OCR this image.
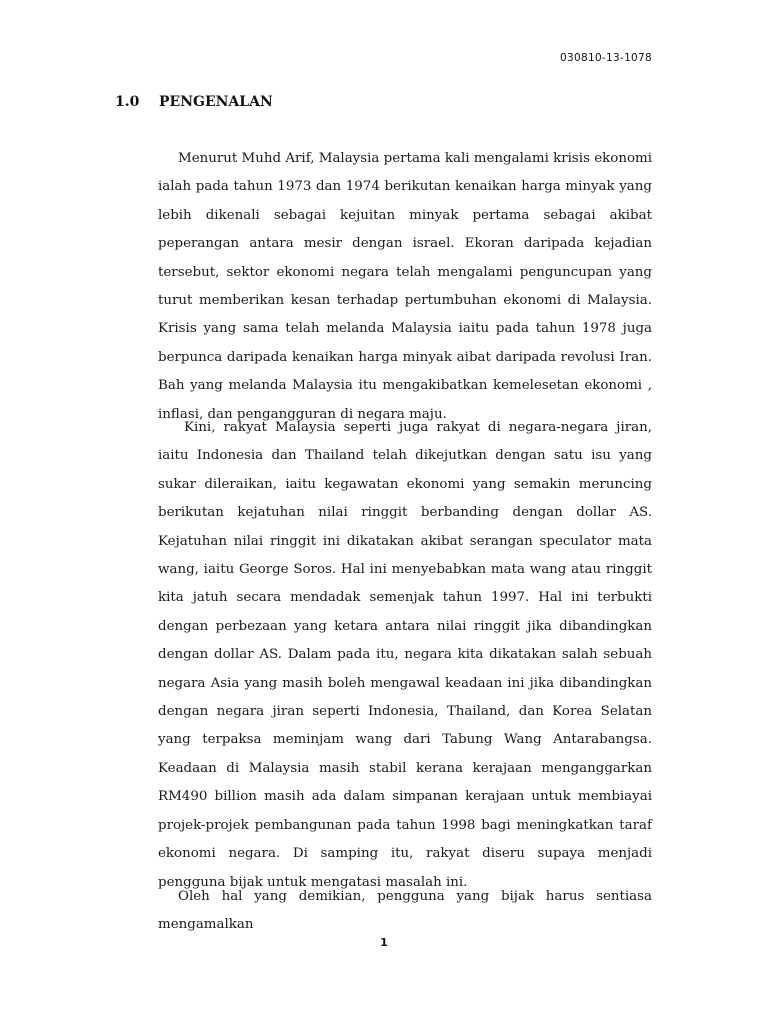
030810-13-1078
1.0 PENGENALAN

Menurut Muhd Arif, Malaysia pertama kali mengalami krisis ekonomi ialah pada tahun 1973 dan 1974 berikutan kenaikan harga minyak yang lebih dikenali sebagai kejuitan minyak pertama sebagai akibat peperangan antara mesir dengan israel. Ekoran daripada kejadian tersebut, sektor ekonomi negara telah mengalami penguncupan yang turut memberikan kesan terhadap pertumbuhan ekonomi di Malaysia. Krisis yang sama telah melanda Malaysia iaitu pada tahun 1978 juga berpunca daripada kenaikan harga minyak aibat daripada revolusi Iran. Bah yang melanda Malaysia itu mengakibatkan kemelesetan ekonomi , inflasi, dan pengangguran di negara maju.

Kini, rakyat Malaysia seperti juga rakyat di negara-negara jiran, iaitu Indonesia dan Thailand telah dikejutkan dengan satu isu yang sukar dileraikan, iaitu kegawatan ekonomi yang semakin meruncing berikutan kejatuhan nilai ringgit berbanding dengan dollar AS. Kejatuhan nilai ringgit ini dikatakan akibat serangan speculator mata wang, iaitu George Soros. Hal ini menyebabkan mata wang atau ringgit kita jatuh secara mendadak semenjak tahun 1997. Hal ini terbukti dengan perbezaan yang ketara antara nilai ringgit jika dibandingkan dengan dollar AS. Dalam pada itu, negara kita dikatakan salah sebuah negara Asia yang masih boleh mengawal keadaan ini jika dibandingkan dengan negara jiran seperti Indonesia, Thailand, dan Korea Selatan yang terpaksa meminjam wang dari Tabung Wang Antarabangsa. Keadaan di Malaysia masih stabil kerana kerajaan menganggarkan RM490 billion masih ada dalam simpanan kerajaan untuk membiayai projek-projek pembangunan pada tahun 1998 bagi meningkatkan taraf ekonomi negara. Di samping itu, rakyat diseru supaya menjadi pengguna bijak untuk mengatasi masalah ini.

Oleh hal yang demikian, pengguna yang bijak harus sentiasa mengamalkan

1
